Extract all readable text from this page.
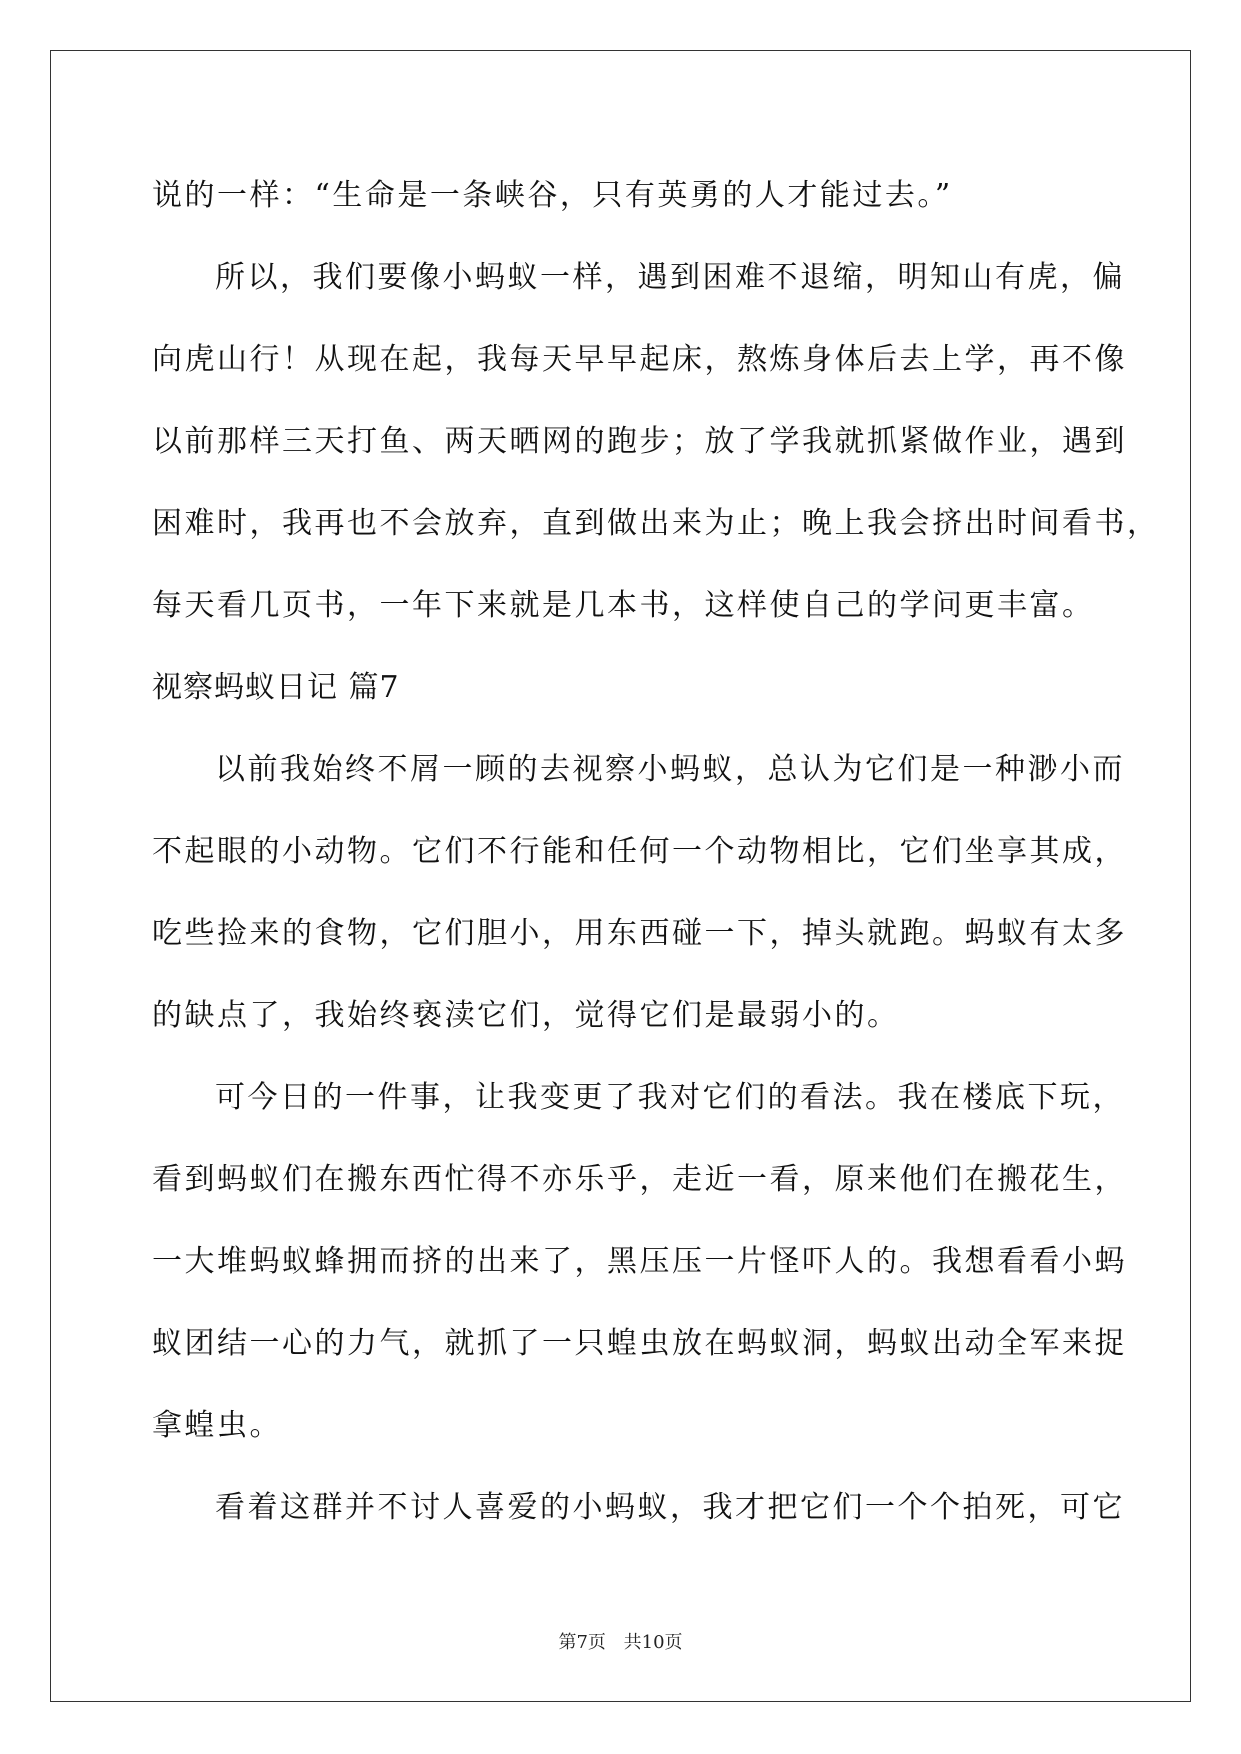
说的一样：“生命是一条峡谷，只有英勇的人才能过去。”
所以，我们要像小蚂蚁一样，遇到困难不退缩，明知山有虎，偏
向虎山行！从现在起，我每天早早起床，熬炼身体后去上学，再不像
以前那样三天打鱼、两天晒网的跑步；放了学我就抓紧做作业，遇到
困难时，我再也不会放弃，直到做出来为止；晚上我会挤出时间看书，
每天看几页书，一年下来就是几本书，这样使自己的学问更丰富。
视察蚂蚁日记 篇7
以前我始终不屑一顾的去视察小蚂蚁，总认为它们是一种渺小而
不起眼的小动物。它们不行能和任何一个动物相比，它们坐享其成，
吃些捡来的食物，它们胆小，用东西碰一下，掉头就跑。蚂蚁有太多
的缺点了，我始终亵渎它们，觉得它们是最弱小的。
可今日的一件事，让我变更了我对它们的看法。我在楼底下玩，
看到蚂蚁们在搬东西忙得不亦乐乎，走近一看，原来他们在搬花生，
一大堆蚂蚁蜂拥而挤的出来了，黑压压一片怪吓人的。我想看看小蚂
蚁团结一心的力气，就抓了一只蝗虫放在蚂蚁洞，蚂蚁出动全军来捉
拿蝗虫。
看着这群并不讨人喜爱的小蚂蚁，我才把它们一个个拍死，可它
第7页 共10页
